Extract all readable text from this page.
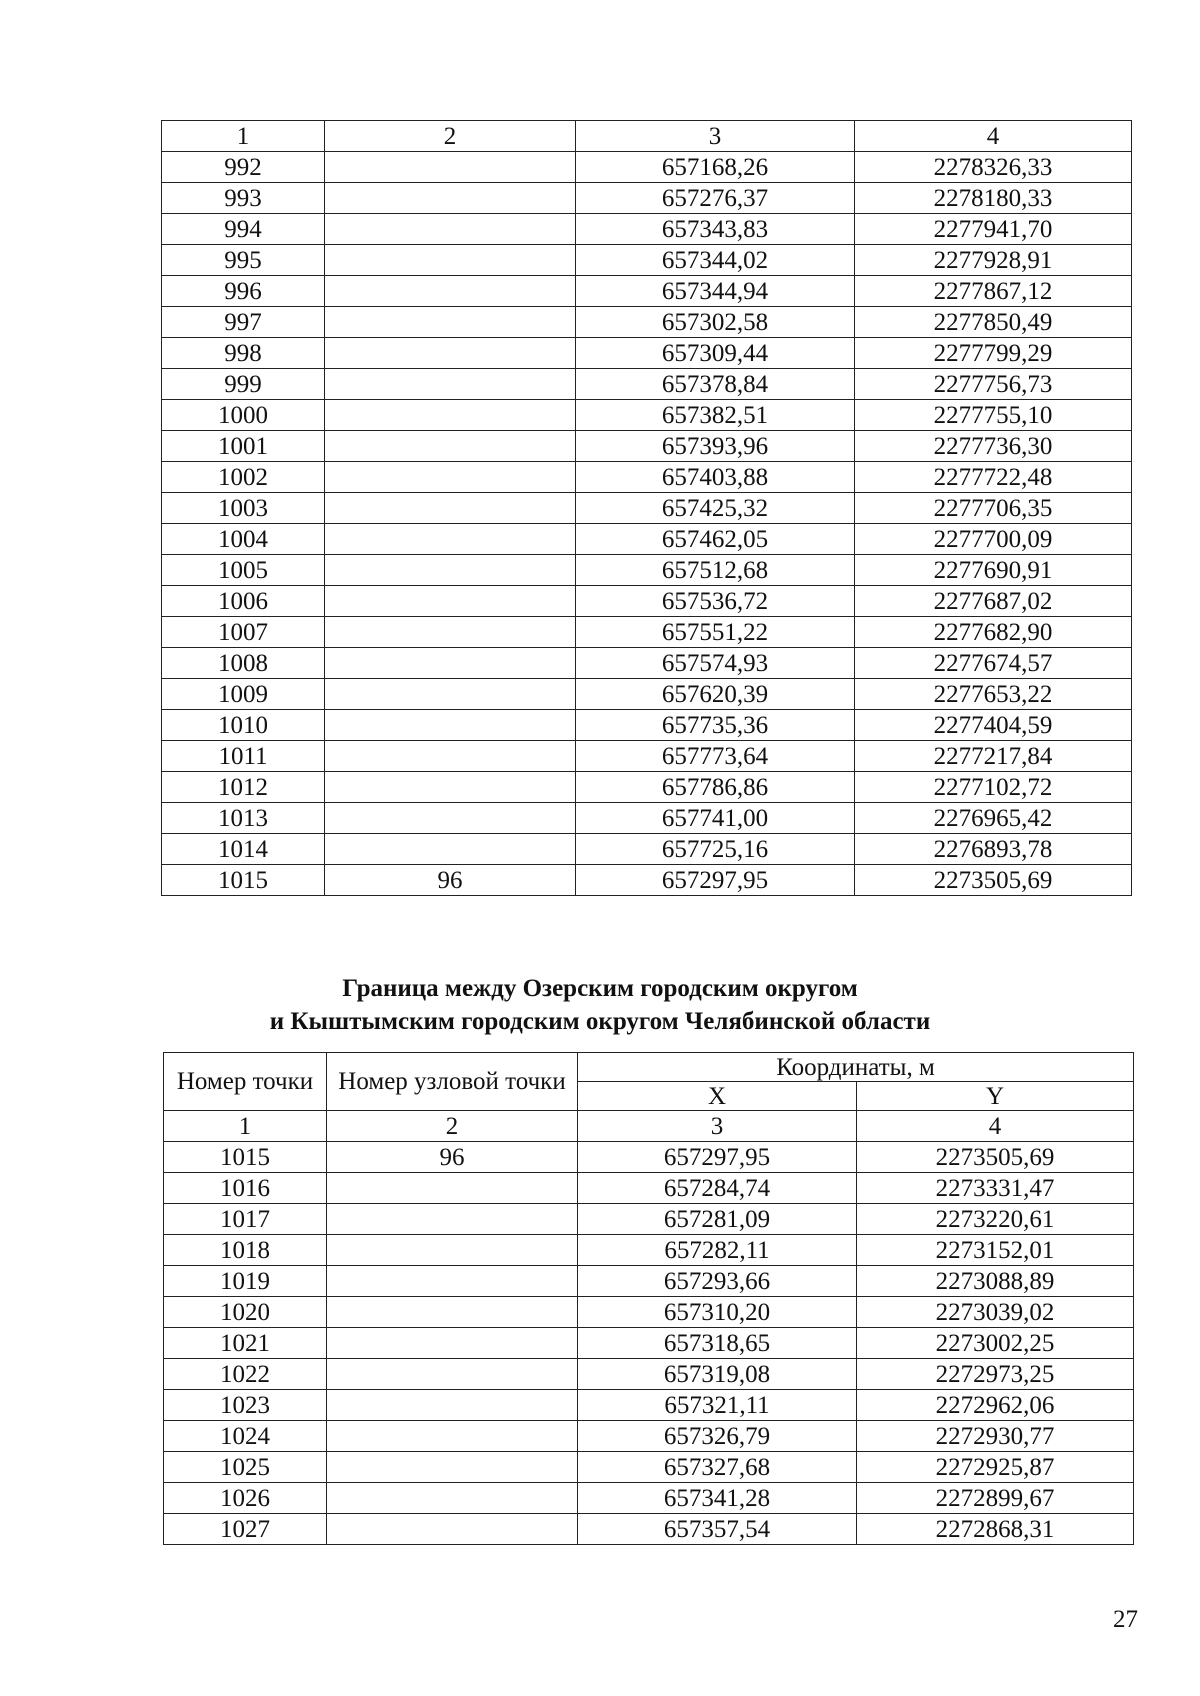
1	2	3	4
992		657168,26	2278326,33
993		657276,37	2278180,33
994		657343,83	2277941,70
995		657344,02	2277928,91
996		657344,94	2277867,12
997		657302,58	2277850,49
998		657309,44	2277799,29
999		657378,84	2277756,73
1000		657382,51	2277755,10
1001		657393,96	2277736,30
1002		657403,88	2277722,48
1003		657425,32	2277706,35
1004		657462,05	2277700,09
1005		657512,68	2277690,91
1006		657536,72	2277687,02
1007		657551,22	2277682,90
1008		657574,93	2277674,57
1009		657620,39	2277653,22
1010		657735,36	2277404,59
1011		657773,64	2277217,84
1012		657786,86	2277102,72
1013		657741,00	2276965,42
1014		657725,16	2276893,78
1015	96	657297,95	2273505,69
Граница между Озерским городским округом
и Кыштымским городским округом Челябинской области
Номер точки	Номер узловой точки	Координаты, м	
		X	Y
1	2	3	4
1015	96	657297,95	2273505,69
1016		657284,74	2273331,47
1017		657281,09	2273220,61
1018		657282,11	2273152,01
1019		657293,66	2273088,89
1020		657310,20	2273039,02
1021		657318,65	2273002,25
1022		657319,08	2272973,25
1023		657321,11	2272962,06
1024		657326,79	2272930,77
1025		657327,68	2272925,87
1026		657341,28	2272899,67
1027		657357,54	2272868,31
27
